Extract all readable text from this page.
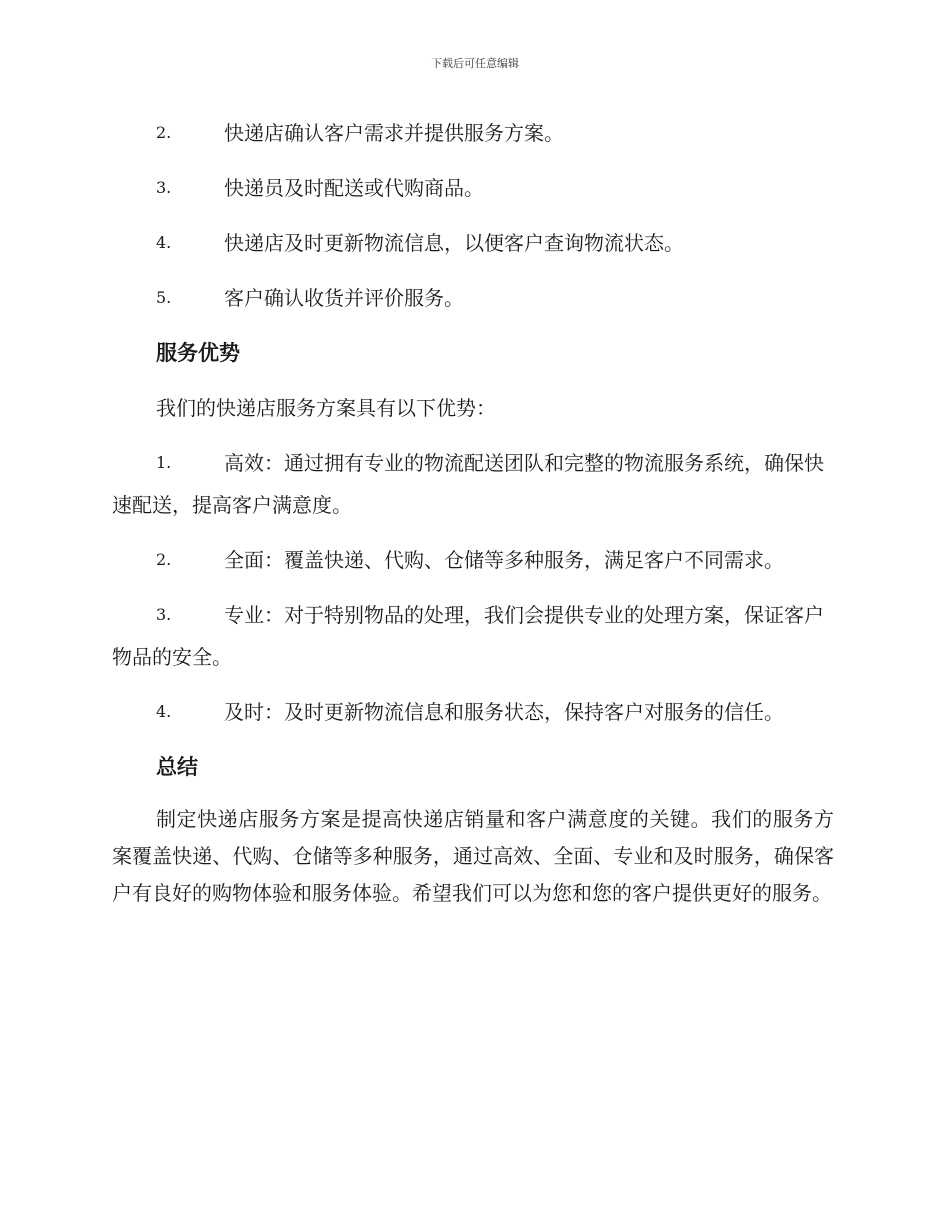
下载后可任意编辑
2.	快递店确认客户需求并提供服务方案。
3.	快递员及时配送或代购商品。
4.	快递店及时更新物流信息，以便客户查询物流状态。
5.	客户确认收货并评价服务。
服务优势
我们的快递店服务方案具有以下优势：
1.	高效：通过拥有专业的物流配送团队和完整的物流服务系统，确保快速配送，提高客户满意度。
2.	全面：覆盖快递、代购、仓储等多种服务，满足客户不同需求。
3.	专业：对于特别物品的处理，我们会提供专业的处理方案，保证客户物品的安全。
4.	及时：及时更新物流信息和服务状态，保持客户对服务的信任。
总结
制定快递店服务方案是提高快递店销量和客户满意度的关键。我们的服务方案覆盖快递、代购、仓储等多种服务，通过高效、全面、专业和及时服务，确保客户有良好的购物体验和服务体验。希望我们可以为您和您的客户提供更好的服务。
